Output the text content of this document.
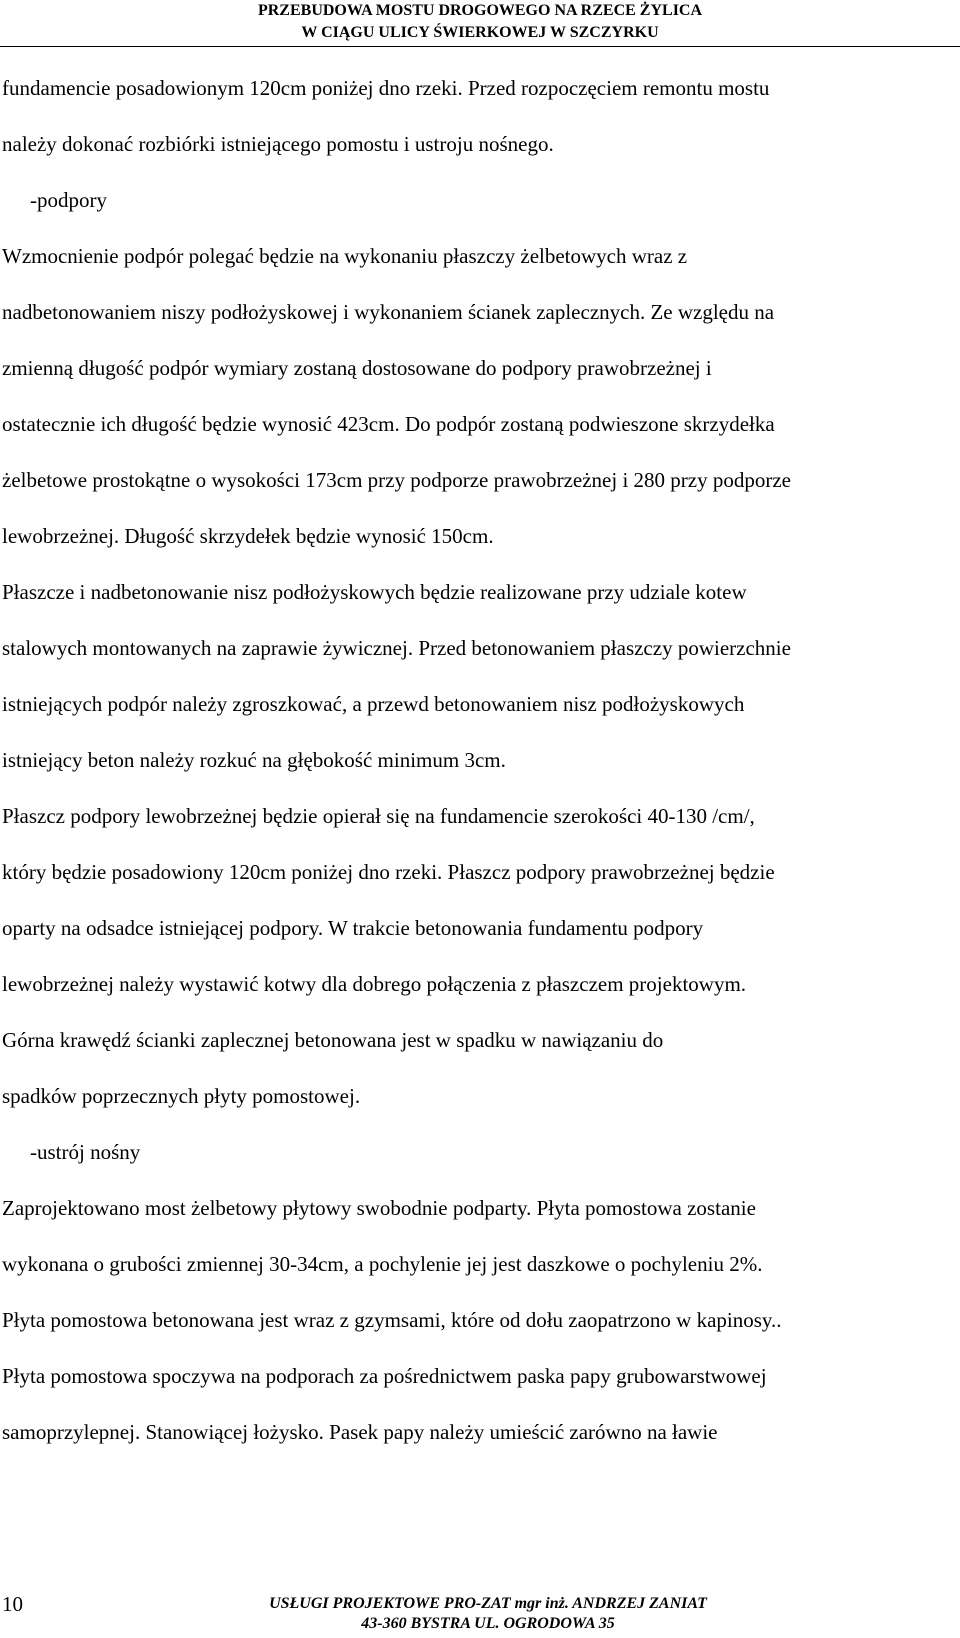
PRZEBUDOWA MOSTU DROGOWEGO NA RZECE ŻYLICA
W CIĄGU ULICY ŚWIERKOWEJ W SZCZYRKU
fundamencie posadowionym 120cm poniżej dno rzeki. Przed rozpoczęciem remontu mostu
należy dokonać rozbiórki istniejącego pomostu i ustroju nośnego.
-podpory
Wzmocnienie podpór polegać będzie na wykonaniu płaszczy żelbetowych wraz z
nadbetonowaniem niszy podłożyskowej i wykonaniem ścianek zaplecznych. Ze względu na
zmienną długość podpór wymiary zostaną dostosowane do podpory prawobrzeżnej i
ostatecznie ich długość będzie wynosić 423cm. Do podpór zostaną podwieszone skrzydełka
żelbetowe prostokątne o wysokości 173cm przy podporze prawobrzeżnej i 280 przy podporze
lewobrzeżnej. Długość skrzydełek będzie wynosić 150cm.
Płaszcze i nadbetonowanie nisz podłożyskowych będzie realizowane przy udziale kotew
stalowych montowanych na zaprawie żywicznej. Przed betonowaniem płaszczy powierzchnie
istniejących podpór należy zgroszkować, a przewd betonowaniem nisz podłożyskowych
istniejący beton należy rozkuć na głębokość minimum 3cm.
Płaszcz podpory lewobrzeżnej będzie opierał się na fundamencie szerokości 40-130 /cm/,
który będzie posadowiony 120cm poniżej dno rzeki. Płaszcz podpory prawobrzeżnej będzie
oparty na odsadce istniejącej podpory. W trakcie betonowania fundamentu podpory
lewobrzeżnej należy wystawić kotwy dla dobrego połączenia z płaszczem projektowym.
Górna krawędź ścianki zaplecznej betonowana jest w spadku w nawiązaniu do
spadków poprzecznych płyty pomostowej.
-ustrój nośny
Zaprojektowano most żelbetowy płytowy swobodnie podparty. Płyta pomostowa zostanie
wykonana o grubości zmiennej 30-34cm, a pochylenie jej jest daszkowe o pochyleniu 2%.
Płyta pomostowa betonowana jest wraz z gzymsami, które od dołu zaopatrzono w kapinosy..
Płyta pomostowa spoczywa na podporach za pośrednictwem paska papy grubowarstwowej
samoprzylepnej. Stanowiącej łożysko. Pasek papy należy umieścić zarówno na ławie
10	USŁUGI PROJEKTOWE PRO-ZAT mgr inż. ANDRZEJ ZANIAT
43-360 BYSTRA UL. OGRODOWA 35
